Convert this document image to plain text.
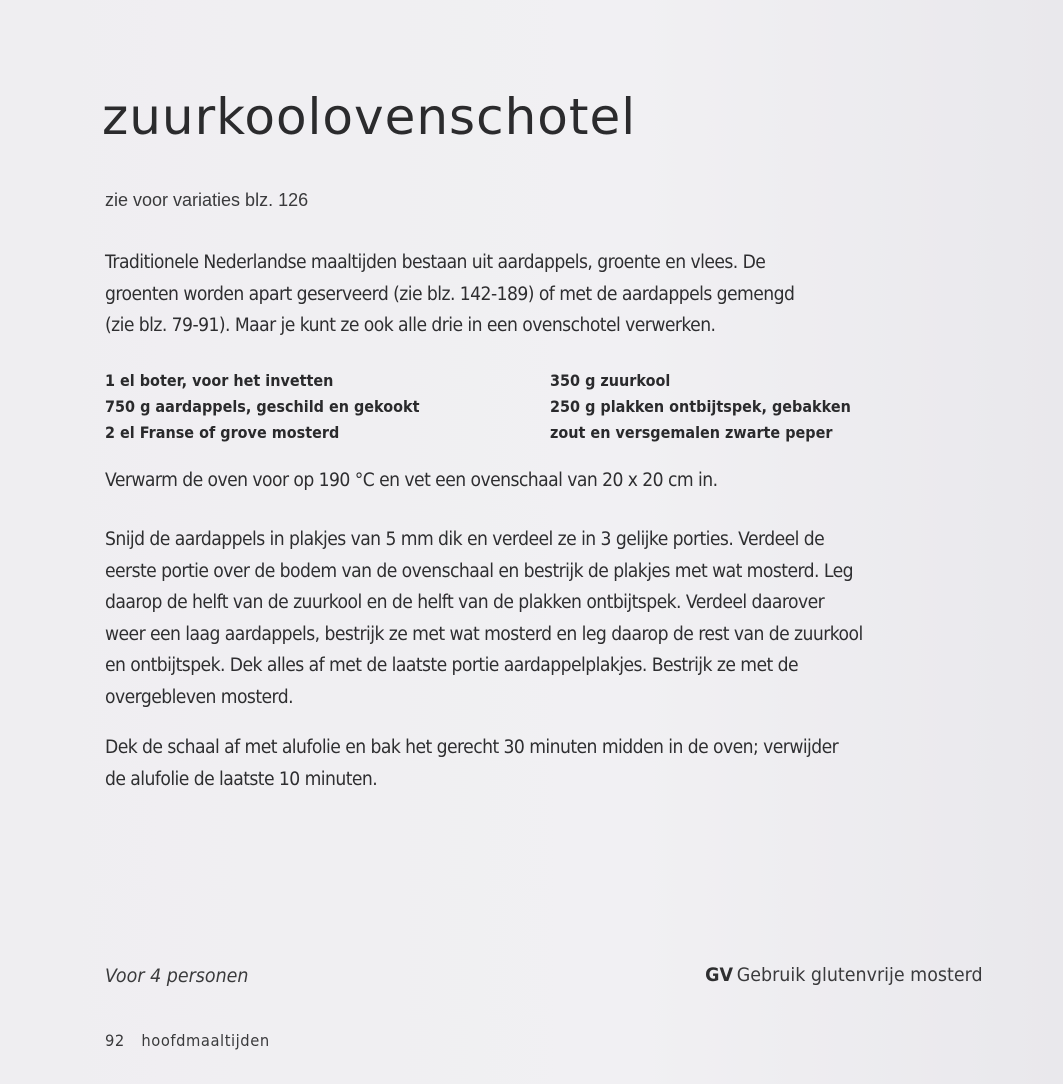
zuurkoolovenschotel
zie voor variaties blz. 126

Traditionele Nederlandse maaltijden bestaan uit aardappels, groente en vlees. De
groenten worden apart geserveerd (zie blz. 142-189) of met de aardappels gemengd
(zie blz. 79-91). Maar je kunt ze ook alle drie in een ovenschotel verwerken.

1 el boter, voor het invetten
750 g aardappels, geschild en gekookt
2 el Franse of grove mosterd
350 g zuurkool
250 g plakken ontbijtspek, gebakken
zout en versgemalen zwarte peper

Verwarm de oven voor op 190 °C en vet een ovenschaal van 20 x 20 cm in.

Snijd de aardappels in plakjes van 5 mm dik en verdeel ze in 3 gelijke porties. Verdeel de
eerste portie over de bodem van de ovenschaal en bestrijk de plakjes met wat mosterd. Leg
daarop de helft van de zuurkool en de helft van de plakken ontbijtspek. Verdeel daarover
weer een laag aardappels, bestrijk ze met wat mosterd en leg daarop de rest van de zuurkool
en ontbijtspek. Dek alles af met de laatste portie aardappelplakjes. Bestrijk ze met de
overgebleven mosterd.

Dek de schaal af met alufolie en bak het gerecht 30 minuten midden in de oven; verwijder
de alufolie de laatste 10 minuten.

Voor 4 personen	GV Gebruik glutenvrije mosterd
92 hoofdmaaltijden
